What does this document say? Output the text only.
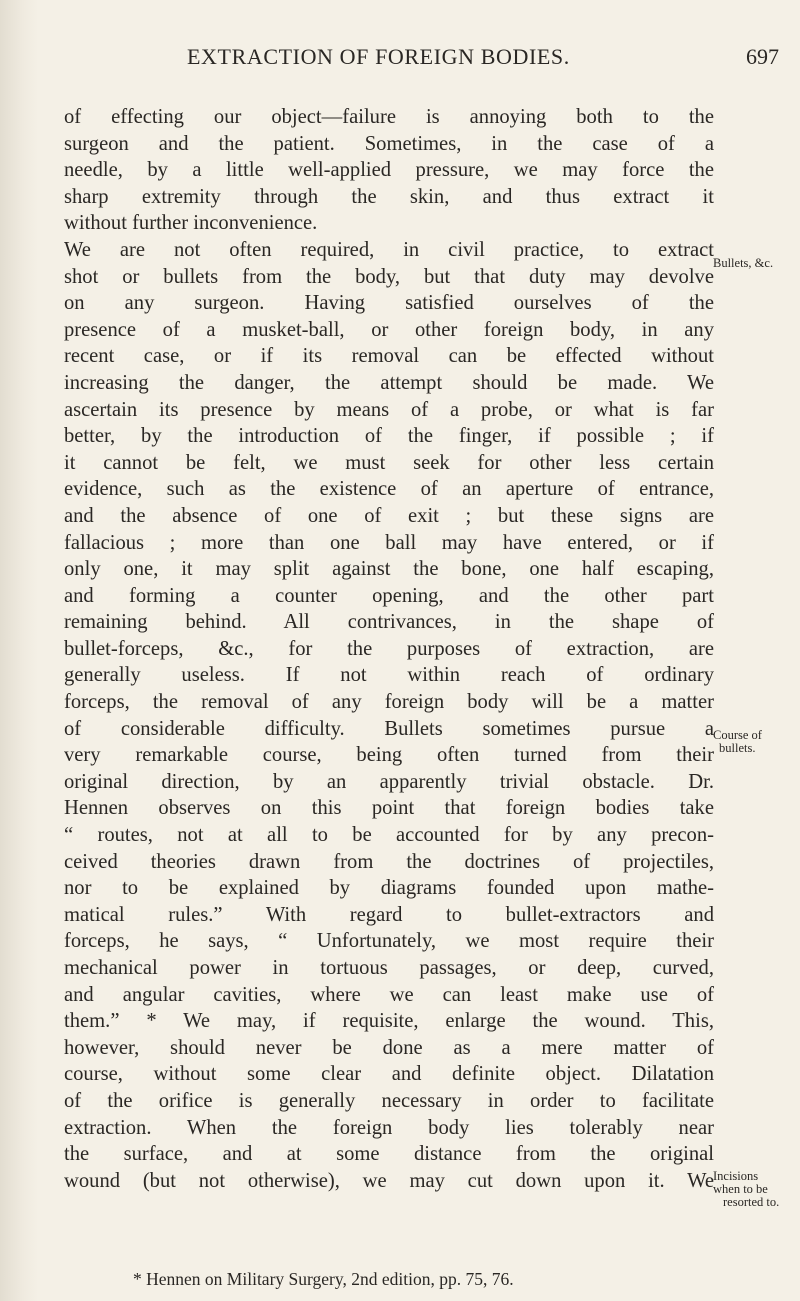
EXTRACTION OF FOREIGN BODIES.	697
of effecting our object—failure is annoying both to the
surgeon and the patient. Sometimes, in the case of a
needle, by a little well-applied pressure, we may force the
sharp extremity through the skin, and thus extract it
without further inconvenience.
We are not often required, in civil practice, to extract
shot or bullets from the body, but that duty may devolve
on any surgeon. Having satisfied ourselves of the
presence of a musket-ball, or other foreign body, in any
recent case, or if its removal can be effected without
increasing the danger, the attempt should be made. We
ascertain its presence by means of a probe, or what is far
better, by the introduction of the finger, if possible ; if
it cannot be felt, we must seek for other less certain
evidence, such as the existence of an aperture of entrance,
and the absence of one of exit ; but these signs are
fallacious ; more than one ball may have entered, or if
only one, it may split against the bone, one half escaping,
and forming a counter opening, and the other part
remaining behind. All contrivances, in the shape of
bullet-forceps, &c., for the purposes of extraction, are
generally useless. If not within reach of ordinary
forceps, the removal of any foreign body will be a matter
of considerable difficulty. Bullets sometimes pursue a
very remarkable course, being often turned from their
original direction, by an apparently trivial obstacle. Dr.
Hennen observes on this point that foreign bodies take
“ routes, not at all to be accounted for by any precon-
ceived theories drawn from the doctrines of projectiles,
nor to be explained by diagrams founded upon mathe-
matical rules.” With regard to bullet-extractors and
forceps, he says, “ Unfortunately, we most require their
mechanical power in tortuous passages, or deep, curved,
and angular cavities, where we can least make use of
them.” * We may, if requisite, enlarge the wound. This,
however, should never be done as a mere matter of
course, without some clear and definite object. Dilatation
of the orifice is generally necessary in order to facilitate
extraction. When the foreign body lies tolerably near
the surface, and at some distance from the original
wound (but not otherwise), we may cut down upon it. We
Bullets, &c.
Course of
bullets.
Incisions
when to be
resorted to.
* Hennen on Military Surgery, 2nd edition, pp. 75, 76.
